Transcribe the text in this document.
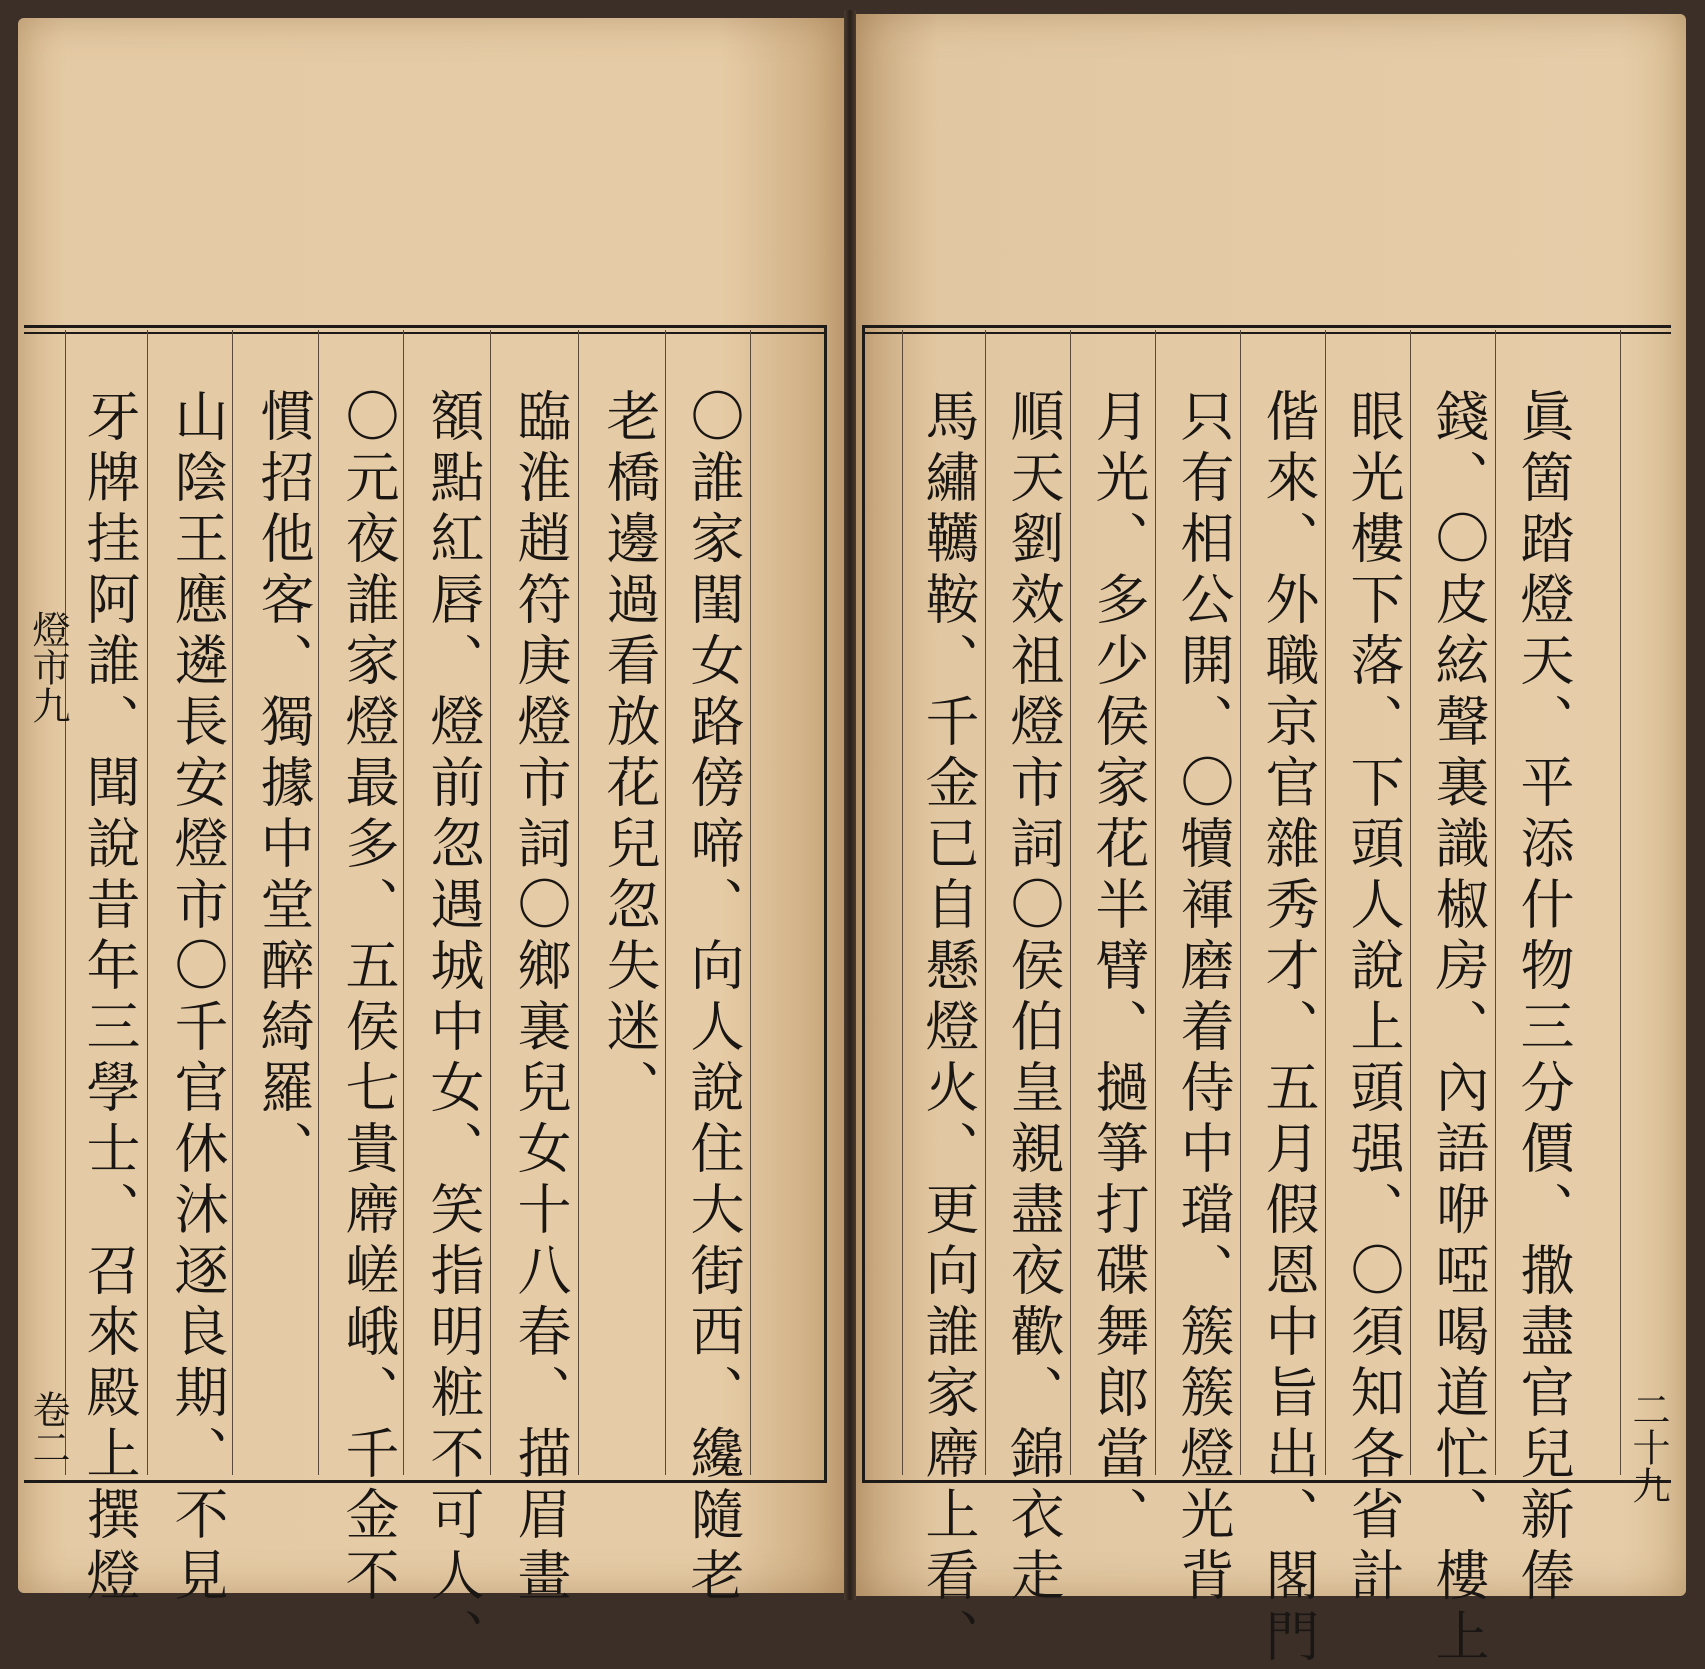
〇誰家閨女路傍啼、向人說住大街西、纔隨老
老橋邊過看放花兒忽失迷、
臨淮趙符庚燈市詞〇鄉裏兒女十八春、描眉畫
額點紅唇、燈前忽遇城中女、笑指明粧不可人、
〇元夜誰家燈最多、五侯七貴廗嵯峨、千金不
慣招他客、獨據中堂醉綺羅、
山陰王應遴長安燈市〇千官休沐逐良期、不見
牙牌挂阿誰、聞說昔年三學士、召來殿上撰燈
燈市九
卷二	眞箇踏燈天、平添什物三分價、撒盡官兒新俸
錢、〇皮絃聲裏識椒房、內語咿啞喝道忙、樓上
眼光樓下落、下頭人說上頭强、〇須知各省計
偕來、外職京官雜秀才、五月假恩中旨出、閣門
只有相公開、〇犢褌磨着侍中璫、簇簇燈光背
月光、多少侯家花半臂、撾箏打碟舞郎當、
順天劉效祖燈市詞〇侯伯皇親盡夜歡、錦衣走
馬繡韉鞍、千金已自懸燈火、更向誰家廗上看、	二十九
